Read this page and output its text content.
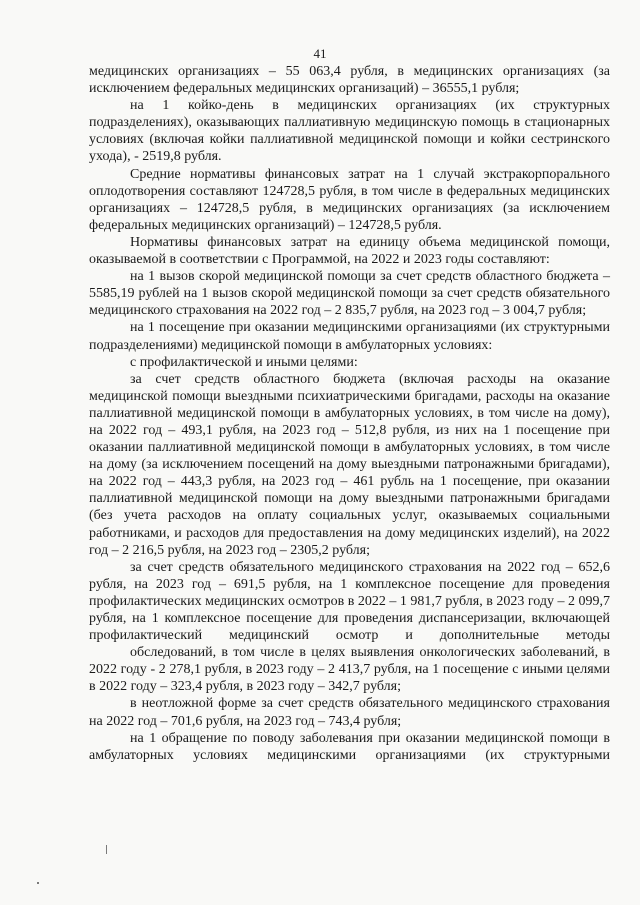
41

медицинских организациях – 55 063,4 рубля, в медицинских организациях (за исключением федеральных медицинских организаций) – 36555,1 рубля;

на 1 койко-день в медицинских организациях (их структурных подразделениях), оказывающих паллиативную медицинскую помощь в стационарных условиях (включая койки паллиативной медицинской помощи и койки сестринского ухода), - 2519,8 рубля.

Средние нормативы финансовых затрат на 1 случай экстракорпорального оплодотворения составляют 124728,5 рубля, в том числе в федеральных медицинских организациях – 124728,5 рубля, в медицинских организациях (за исключением федеральных медицинских организаций) – 124728,5 рубля.

Нормативы финансовых затрат на единицу объема медицинской помощи, оказываемой в соответствии с Программой, на 2022 и 2023 годы составляют:

на 1 вызов скорой медицинской помощи за счет средств областного бюджета – 5585,19 рублей на 1 вызов скорой медицинской помощи за счет средств обязательного медицинского страхования на 2022 год – 2 835,7 рубля, на 2023 год – 3 004,7 рубля;

на 1 посещение при оказании медицинскими организациями (их структурными подразделениями) медицинской помощи в амбулаторных условиях:

с профилактической и иными целями:

за счет средств областного бюджета (включая расходы на оказание медицинской помощи выездными психиатрическими бригадами, расходы на оказание паллиативной медицинской помощи в амбулаторных условиях, в том числе на дому), на 2022 год – 493,1 рубля, на 2023 год – 512,8 рубля, из них на 1 посещение при оказании паллиативной медицинской помощи в амбулаторных условиях, в том числе на дому (за исключением посещений на дому выездными патронажными бригадами), на 2022 год – 443,3 рубля, на 2023 год – 461 рубль на 1 посещение, при оказании паллиативной медицинской помощи на дому выездными патронажными бригадами (без учета расходов на оплату социальных услуг, оказываемых социальными работниками, и расходов для предоставления на дому медицинских изделий), на 2022 год – 2 216,5 рубля, на 2023 год – 2305,2 рубля;

за счет средств обязательного медицинского страхования на 2022 год – 652,6 рубля, на 2023 год – 691,5 рубля, на 1 комплексное посещение для проведения профилактических медицинских осмотров в 2022 – 1 981,7 рубля, в 2023 году – 2 099,7 рубля, на 1 комплексное посещение для проведения диспансеризации, включающей профилактический медицинский осмотр и дополнительные методы

обследований, в том числе в целях выявления онкологических заболеваний, в 2022 году - 2 278,1 рубля, в 2023 году – 2 413,7 рубля, на 1 посещение с иными целями в 2022 году – 323,4 рубля, в 2023 году – 342,7 рубля;

в неотложной форме за счет средств обязательного медицинского страхования на 2022 год – 701,6 рубля, на 2023 год – 743,4 рубля;

на 1 обращение по поводу заболевания при оказании медицинской помощи в амбулаторных условиях медицинскими организациями (их структурными
